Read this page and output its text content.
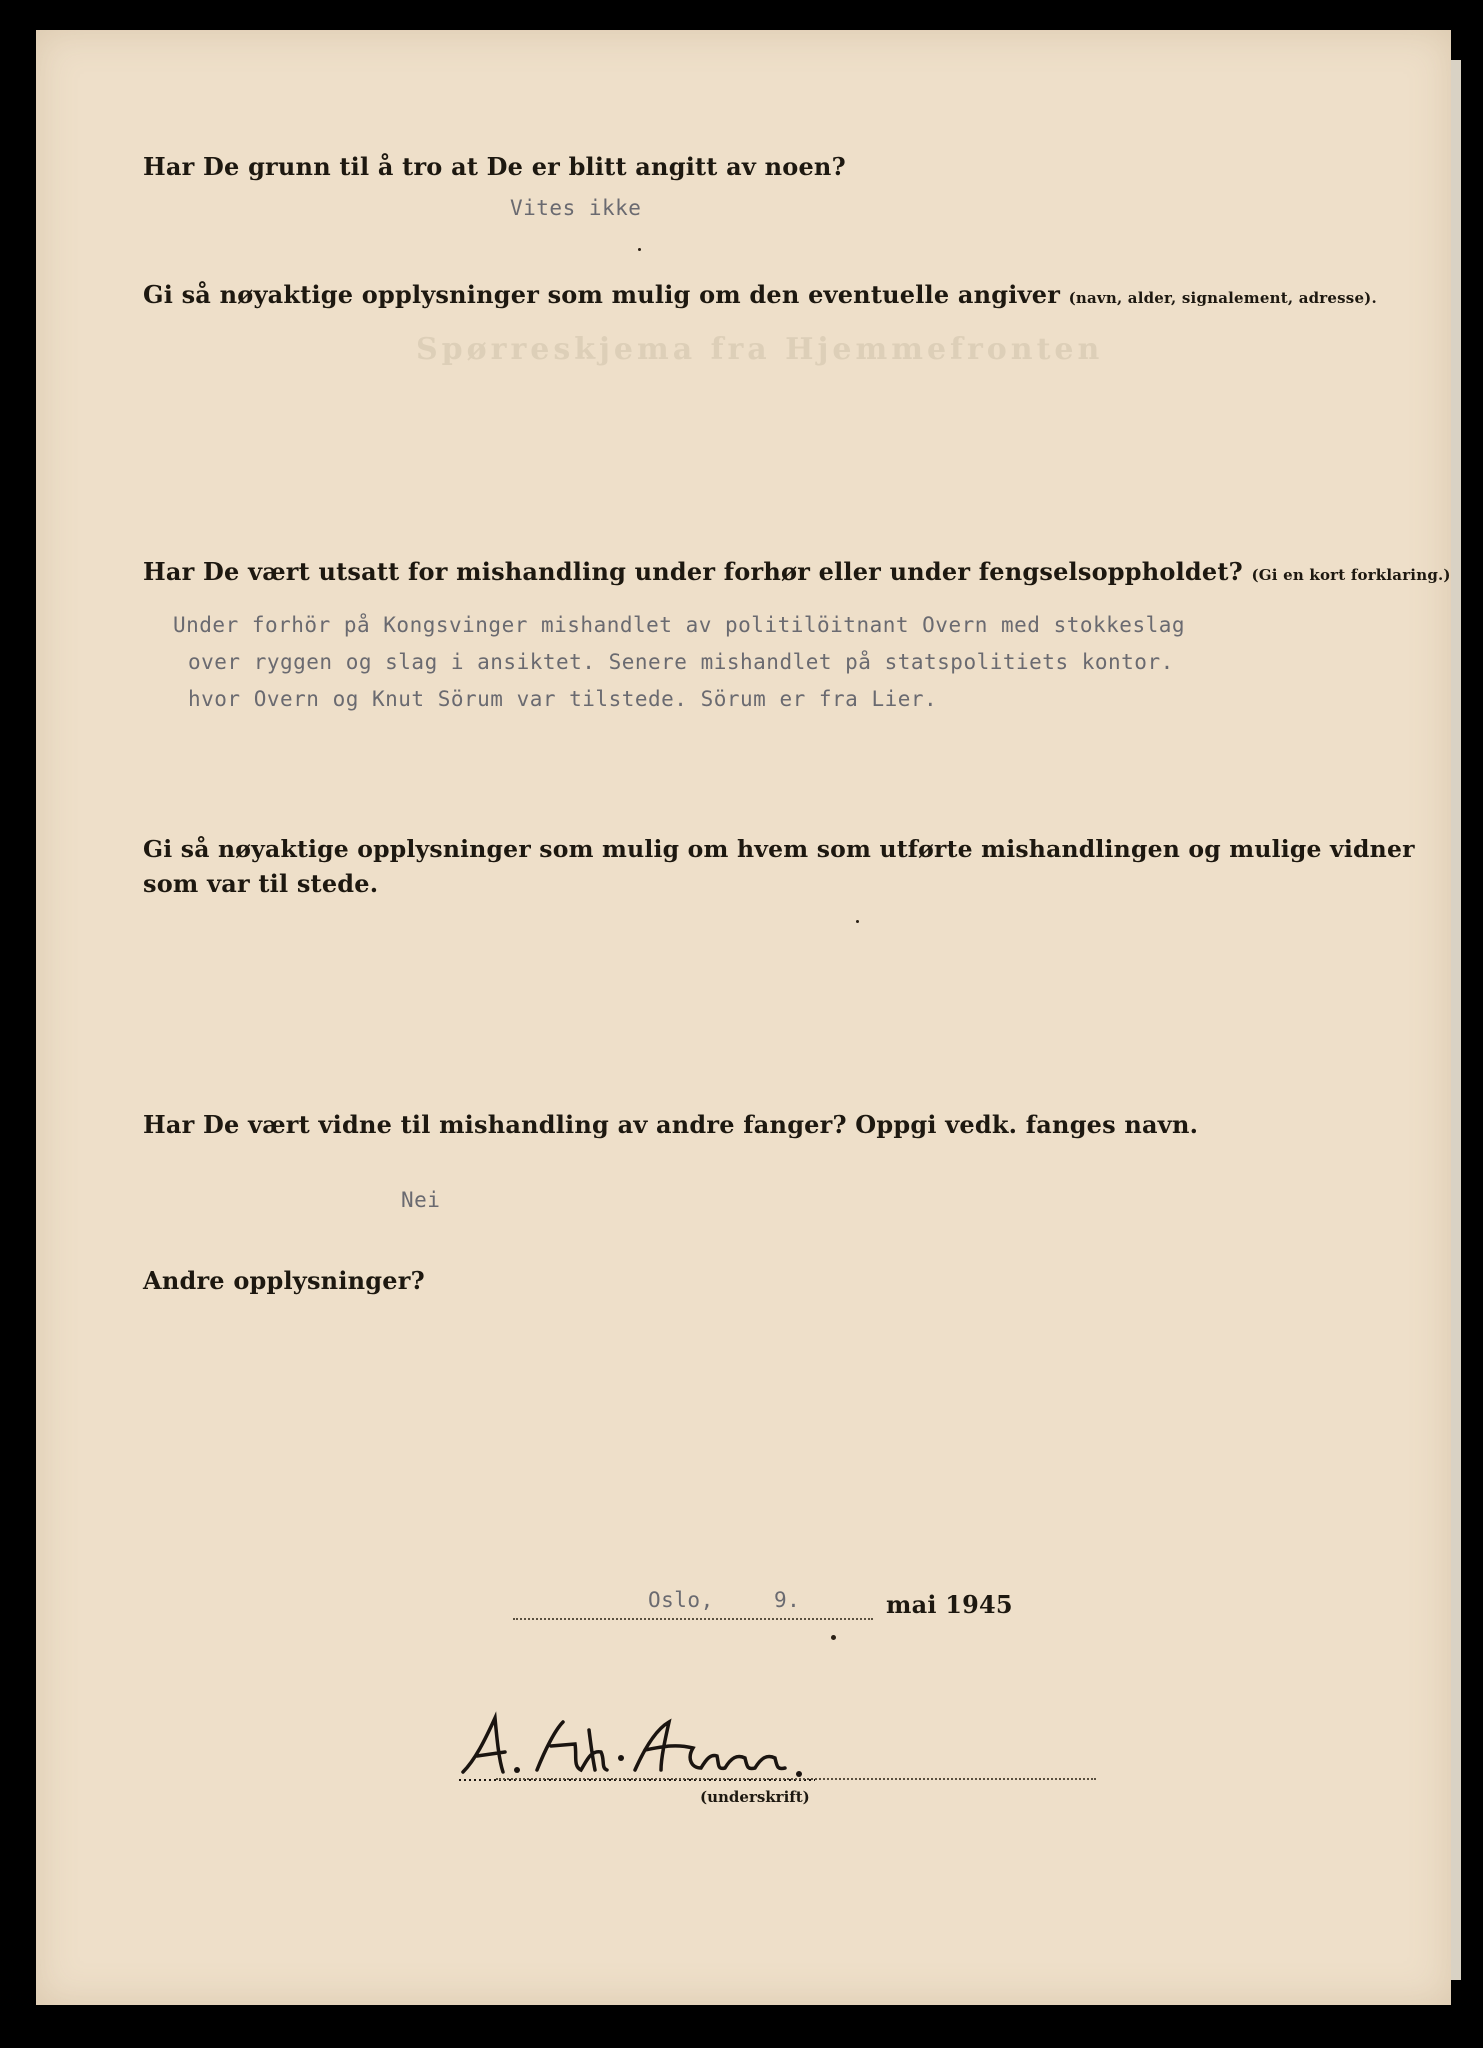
Spørreskjema fra Hjemmefronten
Har De grunn til å tro at De er blitt angitt av noen?
Vites ikke
Gi så nøyaktige opplysninger som mulig om den eventuelle angiver (navn, alder, signalement, adresse).
Har De vært utsatt for mishandling under forhør eller under fengselsoppholdet? (Gi en kort forklaring.)
Under forhör på Kongsvinger mishandlet av politilöitnant Overn med stokkeslag
over ryggen og slag i ansiktet. Senere mishandlet på statspolitiets kontor.
hvor Overn og Knut Sörum var tilstede. Sörum er fra Lier.
Gi så nøyaktige opplysninger som mulig om hvem som utførte mishandlingen og mulige vidner
som var til stede.
Har De vært vidne til mishandling av andre fanger? Oppgi vedk. fanges navn.
Nei
Andre opplysninger?
Oslo,	9.	mai 1945
(underskrift)
